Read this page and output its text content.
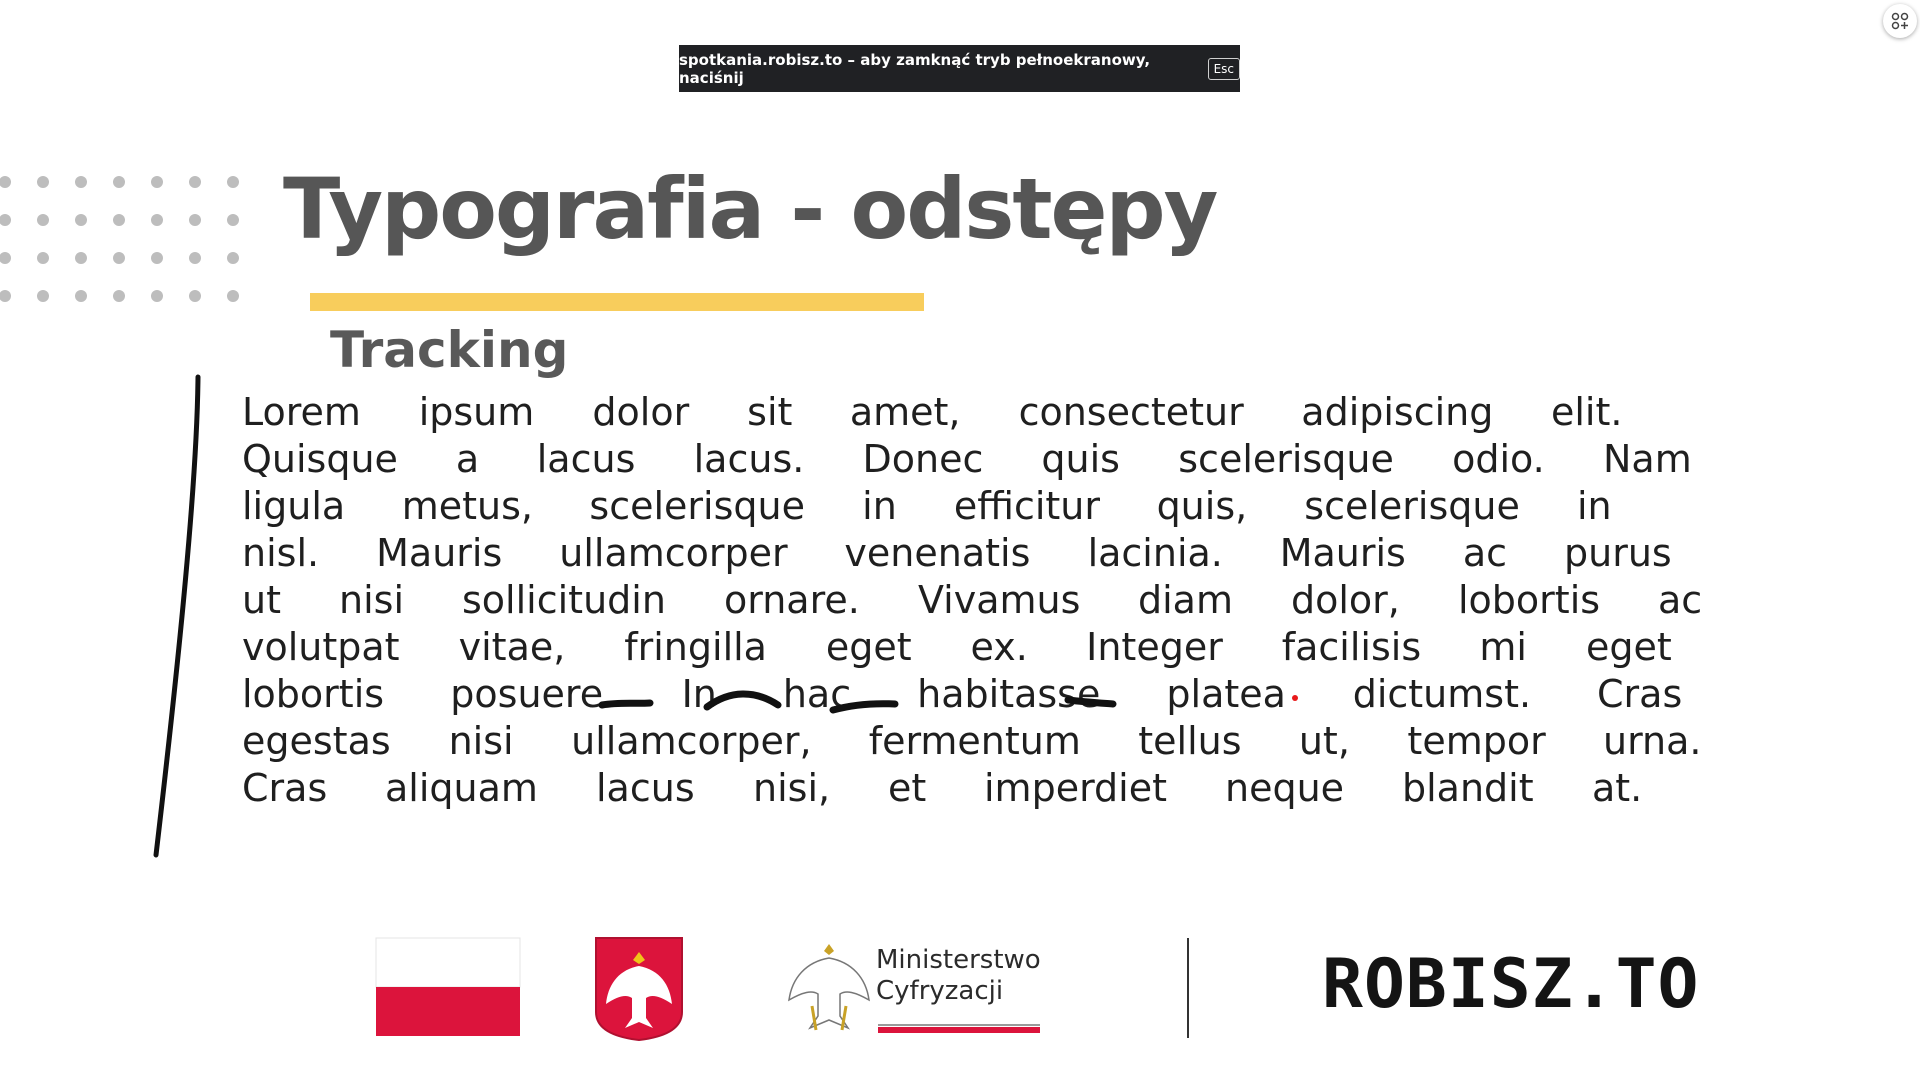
spotkania.robisz.to – aby zamknąć tryb pełnoekranowy, naciśnij	Esc
Typografia - odstępy
Tracking
Lorem ipsum dolor sit amet, consectetur adipiscing elit.
Quisque a lacus lacus. Donec quis scelerisque odio. Nam
ligula metus, scelerisque in efficitur quis, scelerisque in
nisl. Mauris ullamcorper venenatis lacinia. Mauris ac purus
ut nisi sollicitudin ornare. Vivamus diam dolor, lobortis ac
volutpat vitae, fringilla eget ex. Integer facilisis mi eget
lobortis posuere. In hac habitasse platea dictumst. Cras
egestas nisi ullamcorper, fermentum tellus ut, tempor urna.
Cras aliquam lacus nisi, et imperdiet neque blandit at.
Ministerstwo
Cyfryzacji	ROBISZ.TO
